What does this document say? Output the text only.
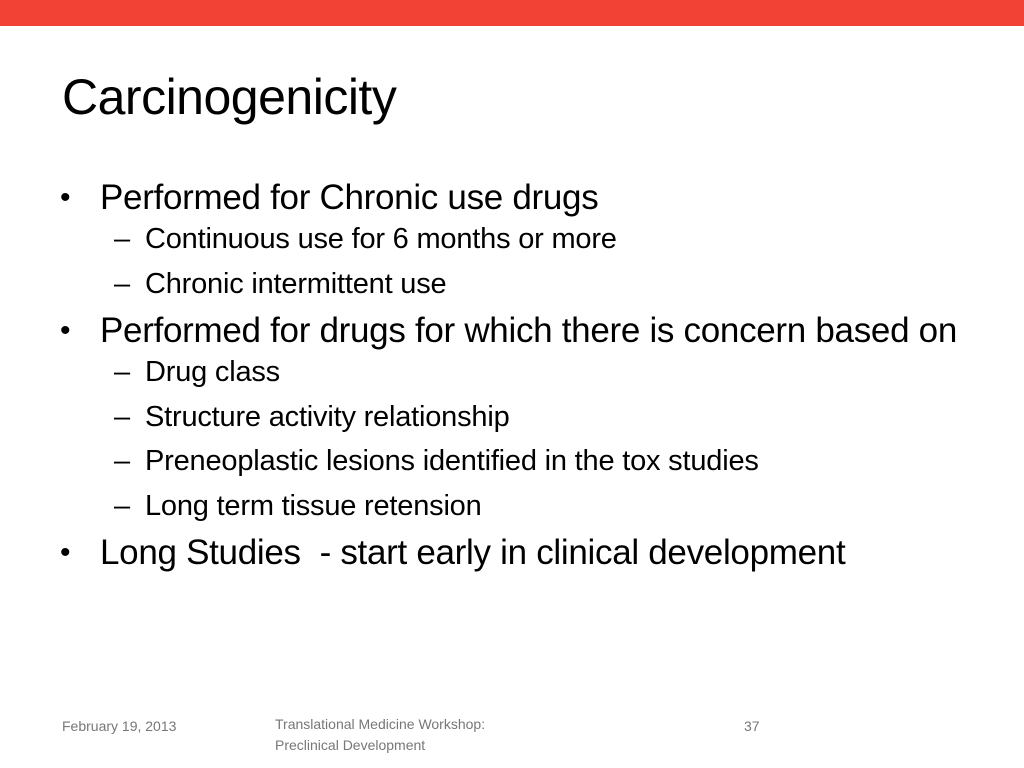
Carcinogenicity
• Performed for Chronic use drugs
– Continuous use for 6 months or more
– Chronic intermittent use
• Performed for drugs for which there is concern based on
– Drug class
– Structure activity relationship
– Preneoplastic lesions identified in the tox studies
– Long term tissue retension
• Long Studies  - start early in clinical development
February 19, 2013	Translational Medicine Workshop:
Preclinical Development
37
